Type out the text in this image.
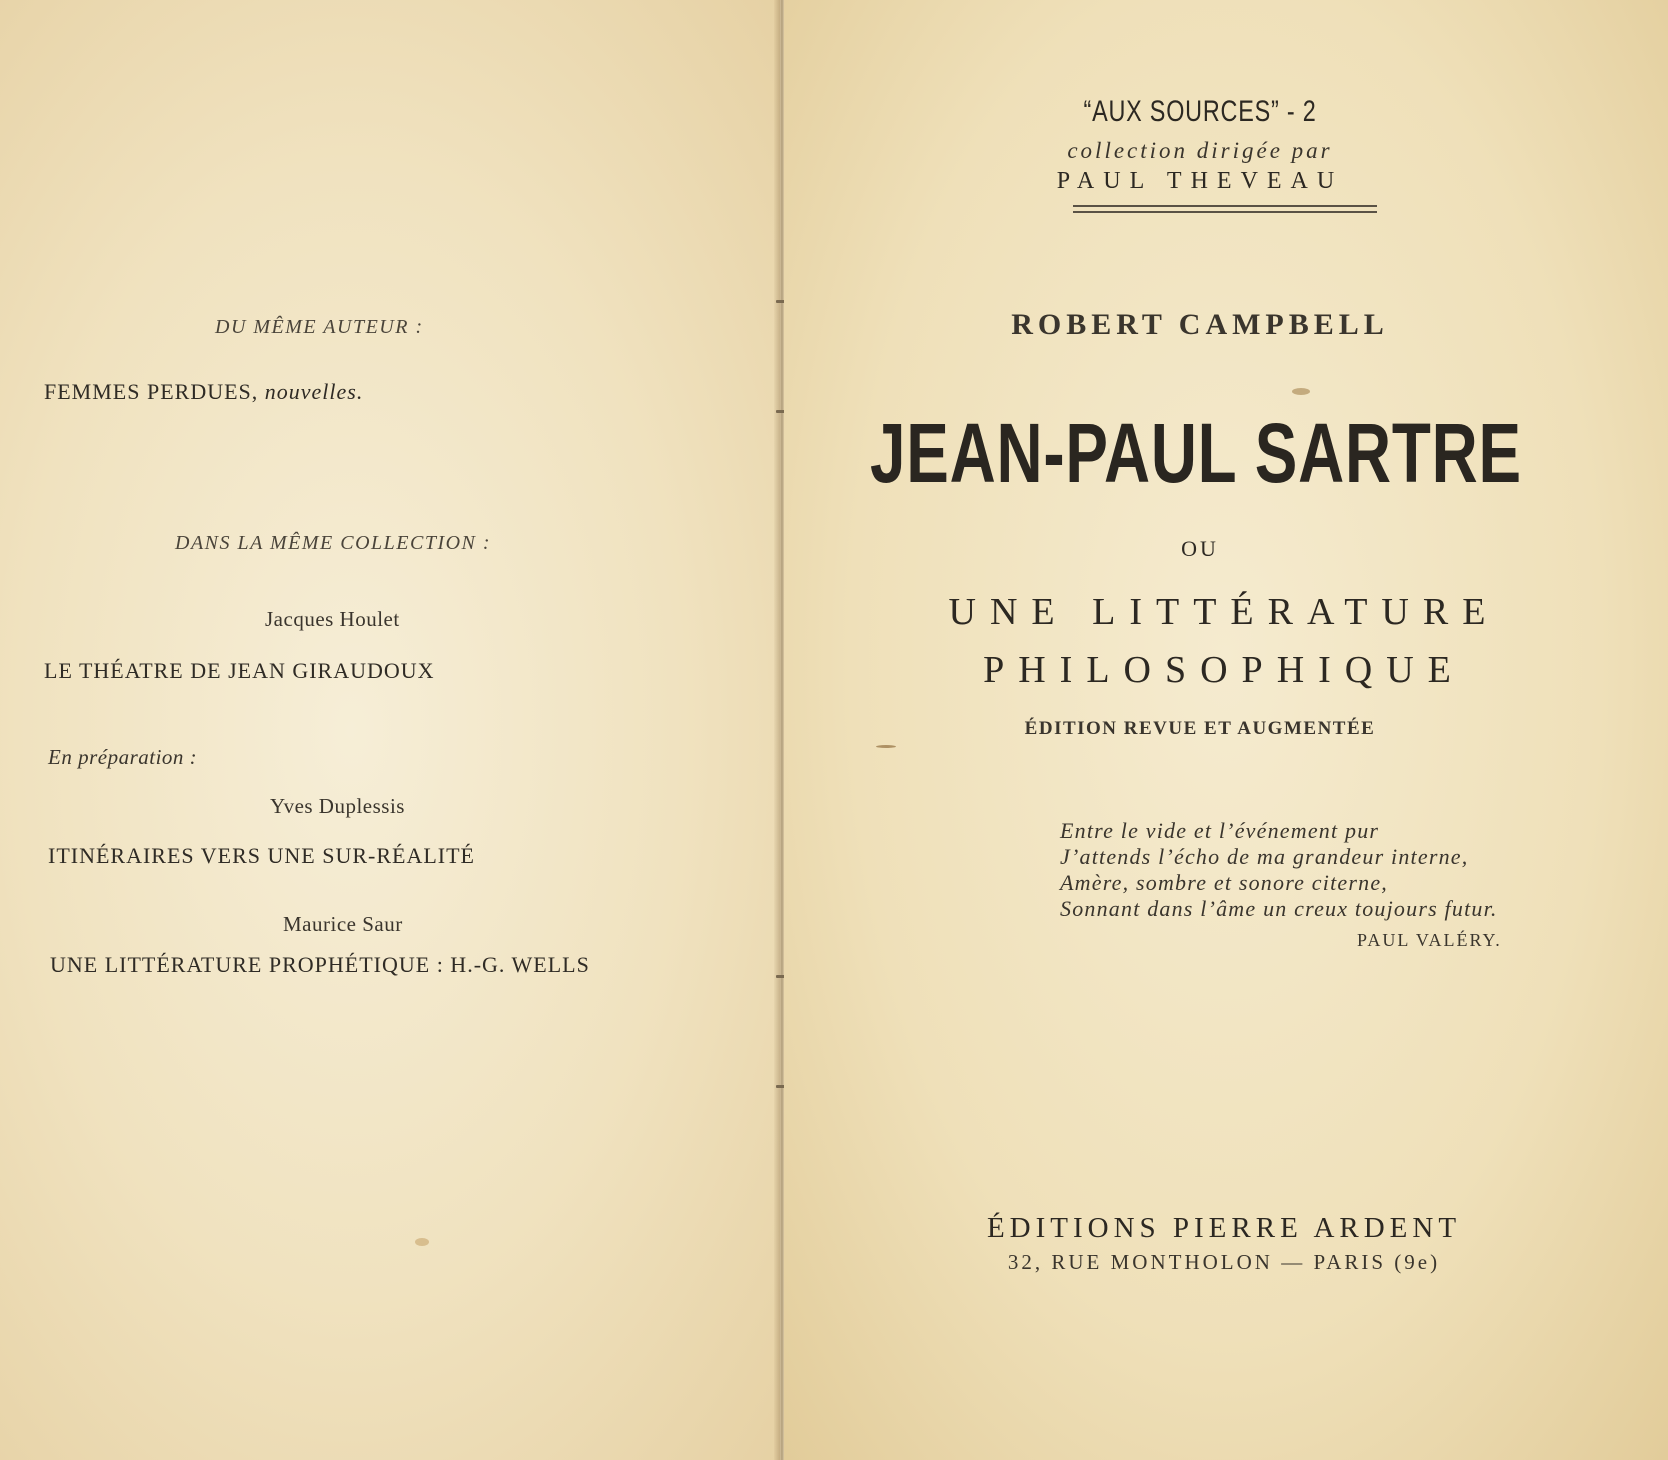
DU MÊME AUTEUR :

FEMMES PERDUES, nouvelles.

DANS LA MÊME COLLECTION :

Jacques Houlet

LE THÉATRE DE JEAN GIRAUDOUX

En préparation :

Yves Duplessis

ITINÉRAIRES VERS UNE SUR-RÉALITÉ

Maurice Saur

UNE LITTÉRATURE PROPHÉTIQUE : H.-G. WELLS

“AUX SOURCES” - 2

collection dirigée par

PAUL THEVEAU

ROBERT CAMPBELL

JEAN-PAUL SARTRE

OU

UNE LITTÉRATURE

PHILOSOPHIQUE

ÉDITION REVUE ET AUGMENTÉE

Entre le vide et l’événement pur
J’attends l’écho de ma grandeur interne,
Amère, sombre et sonore citerne,
Sonnant dans l’âme un creux toujours futur.

PAUL VALÉRY.

ÉDITIONS PIERRE ARDENT

32, RUE MONTHOLON — PARIS (9e)
